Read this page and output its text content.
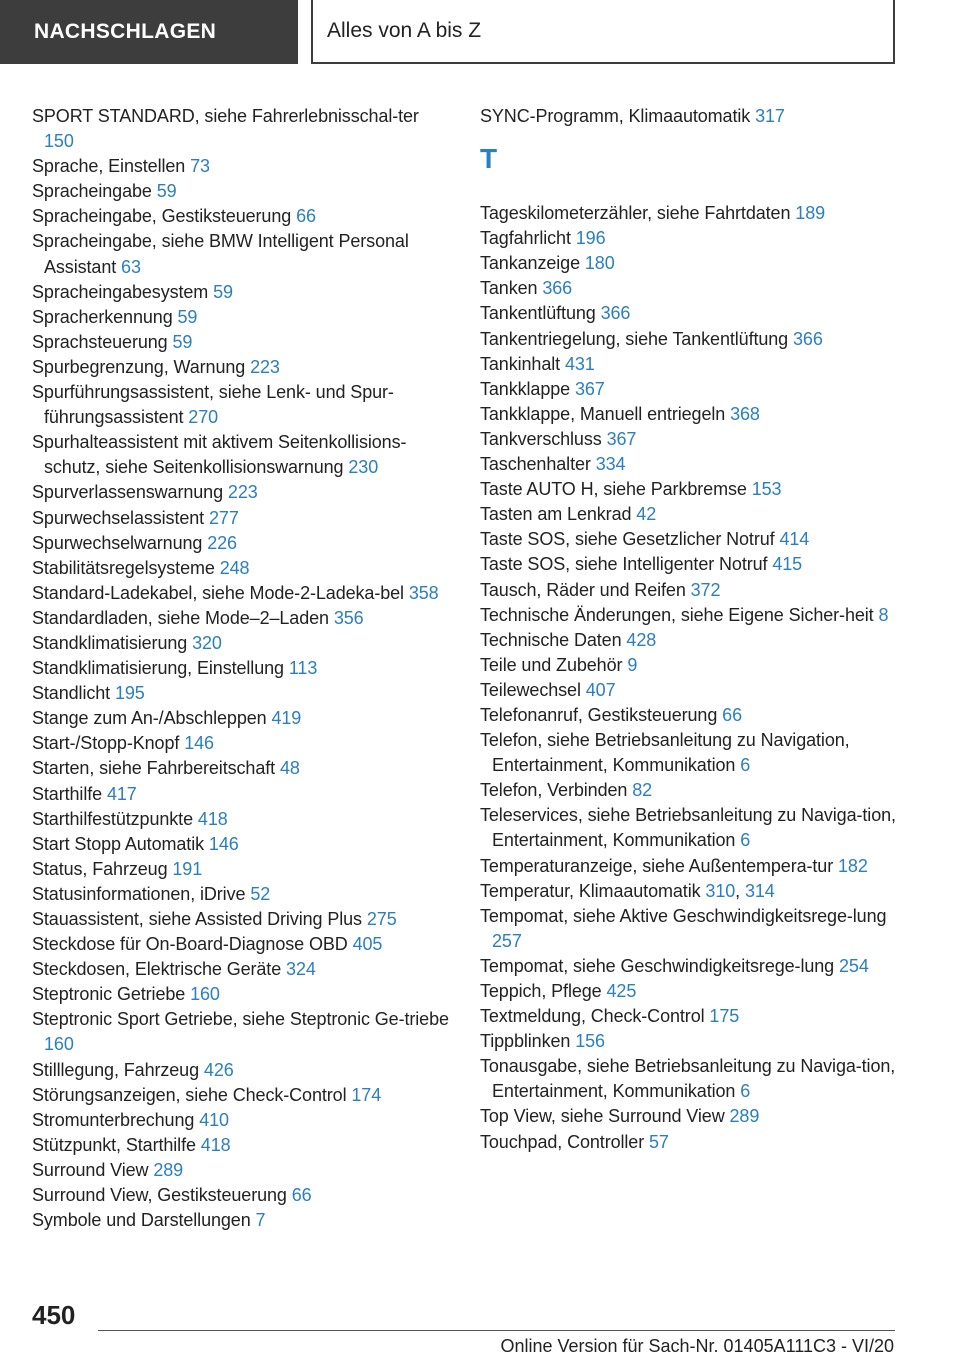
NACHSCHLAGEN	Alles von A bis Z
SPORT STANDARD, siehe Fahrerlebnisschal-ter 150
Sprache, Einstellen 73
Spracheingabe 59
Spracheingabe, Gestiksteuerung 66
Spracheingabe, siehe BMW Intelligent Personal Assistant 63
Spracheingabesystem 59
Spracherkennung 59
Sprachsteuerung 59
Spurbegrenzung, Warnung 223
Spurführungsassistent, siehe Lenk- und Spur-führungsassistent 270
Spurhalteassistent mit aktivem Seitenkollisions-schutz, siehe Seitenkollisionswarnung 230
Spurverlassenswarnung 223
Spurwechselassistent 277
Spurwechselwarnung 226
Stabilitätsregelsysteme 248
Standard-Ladekabel, siehe Mode-2-Ladeka-bel 358
Standardladen, siehe Mode–2–Laden 356
Standklimatisierung 320
Standklimatisierung, Einstellung 113
Standlicht 195
Stange zum An-/Abschleppen 419
Start-/Stopp-Knopf 146
Starten, siehe Fahrbereitschaft 48
Starthilfe 417
Starthilfestützpunkte 418
Start Stopp Automatik 146
Status, Fahrzeug 191
Statusinformationen, iDrive 52
Stauassistent, siehe Assisted Driving Plus 275
Steckdose für On-Board-Diagnose OBD 405
Steckdosen, Elektrische Geräte 324
Steptronic Getriebe 160
Steptronic Sport Getriebe, siehe Steptronic Ge-triebe 160
Stilllegung, Fahrzeug 426
Störungsanzeigen, siehe Check-Control 174
Stromunterbrechung 410
Stützpunkt, Starthilfe 418
Surround View 289
Surround View, Gestiksteuerung 66
Symbole und Darstellungen 7
SYNC-Programm, Klimaautomatik 317
T
Tageskilometerzähler, siehe Fahrtdaten 189
Tagfahrlicht 196
Tankanzeige 180
Tanken 366
Tankentlüftung 366
Tankentriegelung, siehe Tankentlüftung 366
Tankinhalt 431
Tankklappe 367
Tankklappe, Manuell entriegeln 368
Tankverschluss 367
Taschenhalter 334
Taste AUTO H, siehe Parkbremse 153
Tasten am Lenkrad 42
Taste SOS, siehe Gesetzlicher Notruf 414
Taste SOS, siehe Intelligenter Notruf 415
Tausch, Räder und Reifen 372
Technische Änderungen, siehe Eigene Sicher-heit 8
Technische Daten 428
Teile und Zubehör 9
Teilewechsel 407
Telefonanruf, Gestiksteuerung 66
Telefon, siehe Betriebsanleitung zu Navigation, Entertainment, Kommunikation 6
Telefon, Verbinden 82
Teleservices, siehe Betriebsanleitung zu Naviga-tion, Entertainment, Kommunikation 6
Temperaturanzeige, siehe Außentempera-tur 182
Temperatur, Klimaautomatik 310, 314
Tempomat, siehe Aktive Geschwindigkeitsrege-lung 257
Tempomat, siehe Geschwindigkeitsrege-lung 254
Teppich, Pflege 425
Textmeldung, Check-Control 175
Tippblinken 156
Tonausgabe, siehe Betriebsanleitung zu Naviga-tion, Entertainment, Kommunikation 6
Top View, siehe Surround View 289
Touchpad, Controller 57
450
Online Version für Sach-Nr. 01405A111C3 - VI/20
